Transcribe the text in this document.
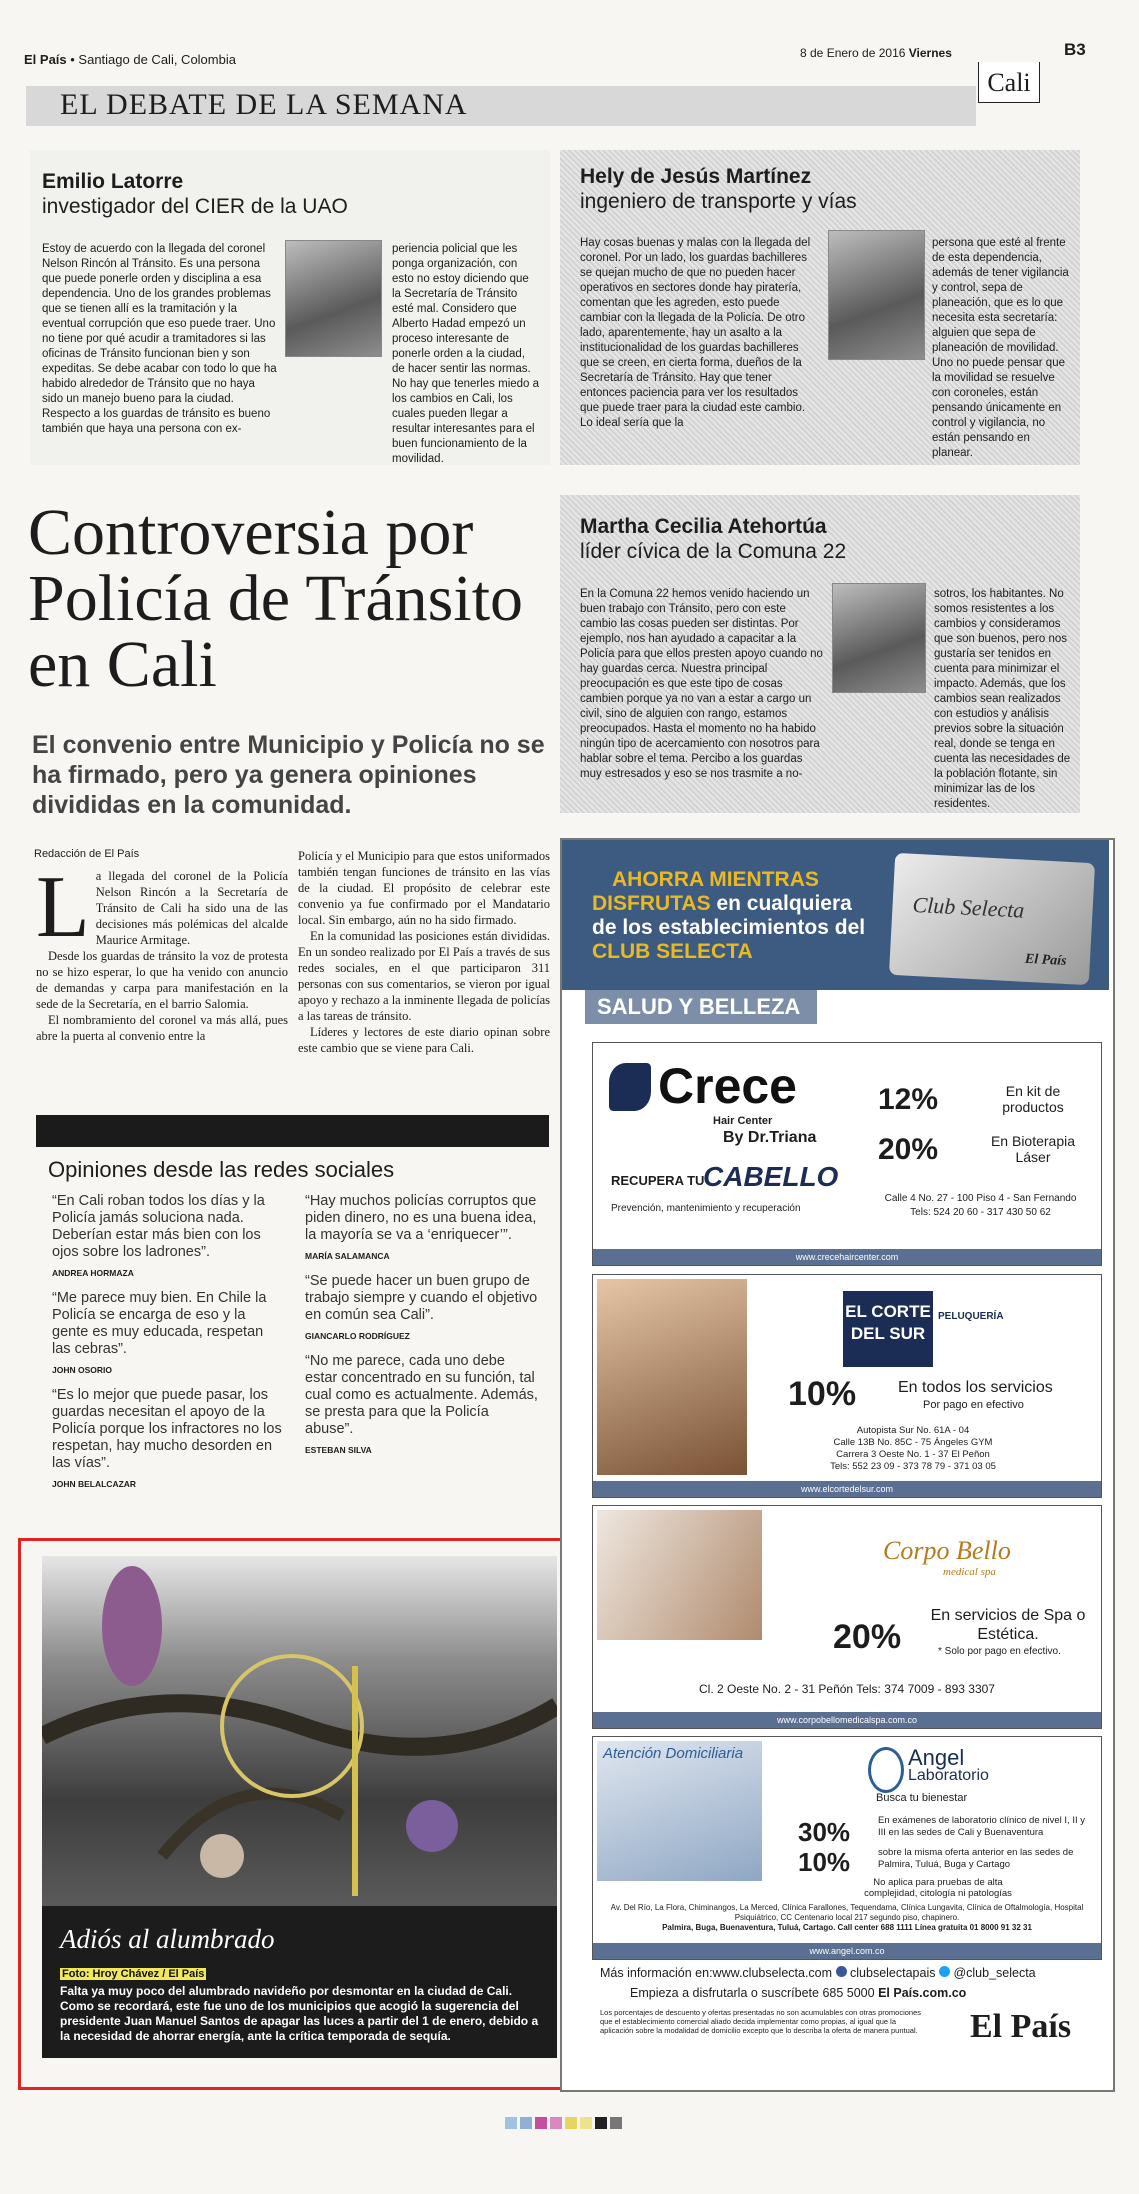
El País • Santiago de Cali, Colombia	8 de Enero de 2016 Viernes	B3
Cali
EL DEBATE DE LA SEMANA
Emilio Latorre
investigador del CIER de la UAO
Estoy de acuerdo con la llegada del coronel Nelson Rincón al Tránsito. Es una persona que puede ponerle orden y disciplina a esa dependencia. Uno de los grandes problemas que se tienen allí es la tramitación y la eventual corrupción que eso puede traer. Uno no tiene por qué acudir a tramitadores si las oficinas de Tránsito funcionan bien y son expeditas. Se debe acabar con todo lo que ha habido alrededor de Tránsito que no haya sido un manejo bueno para la ciudad. Respecto a los guardas de tránsito es bueno también que haya una persona con ex-
periencia policial que les ponga organización, con esto no estoy diciendo que la Secretaría de Tránsito esté mal. Considero que Alberto Hadad empezó un proceso interesante de ponerle orden a la ciudad, de hacer sentir las normas. No hay que tenerles miedo a los cambios en Cali, los cuales pueden llegar a resultar interesantes para el buen funcionamiento de la movilidad.
Hely de Jesús Martínez
ingeniero de transporte y vías
Hay cosas buenas y malas con la llegada del coronel. Por un lado, los guardas bachilleres se quejan mucho de que no pueden hacer operativos en sectores donde hay piratería, comentan que les agreden, esto puede cambiar con la llegada de la Policía. De otro lado, aparentemente, hay un asalto a la institucionalidad de los guardas bachilleres que se creen, en cierta forma, dueños de la Secretaría de Tránsito. Hay que tener entonces paciencia para ver los resultados que puede traer para la ciudad este cambio. Lo ideal sería que la
persona que esté al frente de esta dependencia, además de tener vigilancia y control, sepa de planeación, que es lo que necesita esta secretaría: alguien que sepa de planeación de movilidad. Uno no puede pensar que la movilidad se resuelve con coroneles, están pensando únicamente en control y vigilancia, no están pensando en planear.
Martha Cecilia Atehortúa
líder cívica de la Comuna 22
En la Comuna 22 hemos venido haciendo un buen trabajo con Tránsito, pero con este cambio las cosas pueden ser distintas. Por ejemplo, nos han ayudado a capacitar a la Policía para que ellos presten apoyo cuando no hay guardas cerca. Nuestra principal preocupación es que este tipo de cosas cambien porque ya no van a estar a cargo un civil, sino de alguien con rango, estamos preocupados. Hasta el momento no ha habido ningún tipo de acercamiento con nosotros para hablar sobre el tema. Percibo a los guardas muy estresados y eso se nos trasmite a no-
sotros, los habitantes. No somos resistentes a los cambios y consideramos que son buenos, pero nos gustaría ser tenidos en cuenta para minimizar el impacto. Además, que los cambios sean realizados con estudios y análisis previos sobre la situación real, donde se tenga en cuenta las necesidades de la población flotante, sin minimizar las de los residentes.
Controversia por Policía de Tránsito en Cali
El convenio entre Municipio y Policía no se ha firmado, pero ya genera opiniones divididas en la comunidad.
Redacción de El País
L a llegada del coronel de la Policía Nelson Rincón a la Secretaría de Tránsito de Cali ha sido una de las decisiones más polémicas del alcalde Maurice Armitage.

Desde los guardas de tránsito la voz de protesta no se hizo esperar, lo que ha venido con anuncio de demandas y carpa para manifestación en la sede de la Secretaría, en el barrio Salomia.

El nombramiento del coronel va más allá, pues abre la puerta al convenio entre la

Policía y el Municipio para que estos uniformados también tengan funciones de tránsito en las vías de la ciudad. El propósito de celebrar este convenio ya fue confirmado por el Mandatario local. Sin embargo, aún no ha sido firmado.

En la comunidad las posiciones están divididas. En un sondeo realizado por El País a través de sus redes sociales, en el que participaron 311 personas con sus comentarios, se vieron por igual apoyo y rechazo a la inminente llegada de policías a las tareas de tránsito.

Líderes y lectores de este diario opinan sobre este cambio que se viene para Cali.

Opiniones desde las redes sociales
“En Cali roban todos los días y la Policía jamás soluciona nada. Deberían estar más bien con los ojos sobre los ladrones”.
ANDREA HORMAZA
“Me parece muy bien. En Chile la Policía se encarga de eso y la gente es muy educada, respetan las cebras”.
JOHN OSORIO
“Es lo mejor que puede pasar, los guardas necesitan el apoyo de la Policía porque los infractores no los respetan, hay mucho desorden en las vías”.
JOHN BELALCAZAR
“Hay muchos policías corruptos que piden dinero, no es una buena idea, la mayoría se va a ‘enriquecer’”.
MARÍA SALAMANCA
“Se puede hacer un buen grupo de trabajo siempre y cuando el objetivo en común sea Cali”.
GIANCARLO RODRÍGUEZ
“No me parece, cada uno debe estar concentrado en su función, tal cual como es actualmente. Además, se presta para que la Policía abuse”.
ESTEBAN SILVA
Adiós al alumbrado
Foto: Hroy Chávez / El País
Falta ya muy poco del alumbrado navideño por desmontar en la ciudad de Cali. Como se recordará, este fue uno de los municipios que acogió la sugerencia del presidente Juan Manuel Santos de apagar las luces a partir del 1 de enero, debido a la necesidad de ahorrar energía, ante la crítica temporada de sequía.
AHORRA MIENTRAS
DISFRUTAS en cualquiera de los establecimientos del CLUB SELECTA
Club Selecta
El País
SALUD Y BELLEZA
Crece
Hair Center
By Dr.Triana
RECUPERA TU
CABELLO
Prevención, mantenimiento y recuperación
12%	En kit de productos
20%	En Bioterapia Láser
Calle 4 No. 27 - 100 Piso 4 - San Fernando
Tels: 524 20 60 - 317 430 50 62
www.crecehaircenter.com
EL CORTE DEL SUR
PELUQUERÍA
10%	En todos los servicios
Por pago en efectivo
Autopista Sur No. 61A - 04
Calle 13B No. 85C - 75 Ángeles GYM
Carrera 3 Oeste No. 1 - 37 El Peñon
Tels: 552 23 09 - 373 78 79 - 371 03 05
www.elcortedelsur.com
Corpo Bello
medical spa
20%
En servicios de Spa o Estética.
* Solo por pago en efectivo.
Cl. 2 Oeste No. 2 - 31 Peñón Tels: 374 7009 - 893 3307
www.corpobellomedicalspa.com.co
Atención Domiciliaria	Angel
Laboratorio
Busca tu bienestar
30%	En exámenes de laboratorio clínico de nivel I, II y III en las sedes de Cali y Buenaventura
10%	sobre la misma oferta anterior en las sedes de Palmira, Tuluá, Buga y Cartago
No aplica para pruebas de alta complejidad, citología ni patologías
Av. Del Río, La Flora, Chiminangos, La Merced, Clínica Farallones, Tequendama, Clínica Lungavita, Clínica de Oftalmología, Hospital Psiquiátrico, CC Centenario local 217 segundo piso, chapinero.
Palmira, Buga, Buenaventura, Tuluá, Cartago. Call center 688 1111 Línea gratuita 01 8000 91 32 31
www.angel.com.co
Más información en:www.clubselecta.com clubselectapais @club_selecta
Empieza a disfrutarla o suscríbete 685 5000 El País.com.co
Los porcentajes de descuento y ofertas presentadas no son acumulables con otras promociones que el establecimiento comercial aliado decida implementar como propias, al igual que la aplicación sobre la modalidad de domicilio excepto que lo describa la oferta de manera puntual.	El País
